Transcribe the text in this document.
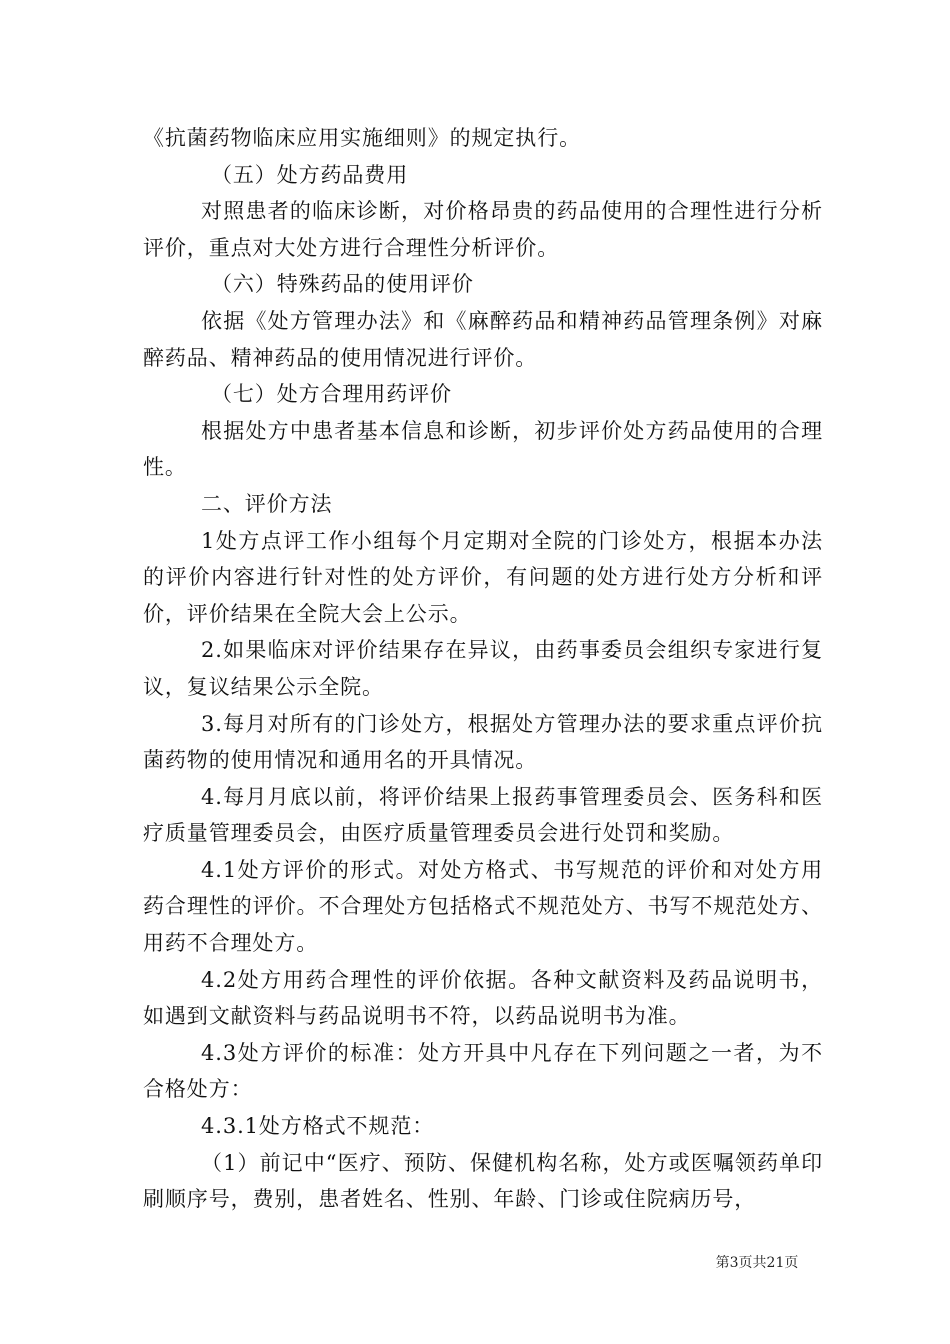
《抗菌药物临床应用实施细则》的规定执行。

（五）处方药品费用

对照患者的临床诊断，对价格昂贵的药品使用的合理性进行分析评价，重点对大处方进行合理性分析评价。

（六）特殊药品的使用评价

依据《处方管理办法》和《麻醉药品和精神药品管理条例》对麻醉药品、精神药品的使用情况进行评价。

（七）处方合理用药评价

根据处方中患者基本信息和诊断，初步评价处方药品使用的合理性。

二、评价方法

1处方点评工作小组每个月定期对全院的门诊处方，根据本办法的评价内容进行针对性的处方评价，有问题的处方进行处方分析和评价，评价结果在全院大会上公示。

2.如果临床对评价结果存在异议，由药事委员会组织专家进行复议，复议结果公示全院。

3.每月对所有的门诊处方，根据处方管理办法的要求重点评价抗菌药物的使用情况和通用名的开具情况。

4.每月月底以前，将评价结果上报药事管理委员会、医务科和医疗质量管理委员会，由医疗质量管理委员会进行处罚和奖励。

4.1处方评价的形式。对处方格式、书写规范的评价和对处方用药合理性的评价。不合理处方包括格式不规范处方、书写不规范处方、用药不合理处方。

4.2处方用药合理性的评价依据。各种文献资料及药品说明书，如遇到文献资料与药品说明书不符，以药品说明书为准。

4.3处方评价的标准：处方开具中凡存在下列问题之一者，为不合格处方：

4.3.1处方格式不规范：

（1）前记中“医疗、预防、保健机构名称，处方或医嘱领药单印刷顺序号，费别，患者姓名、性别、年龄、门诊或住院病历号，

第3页共21页
